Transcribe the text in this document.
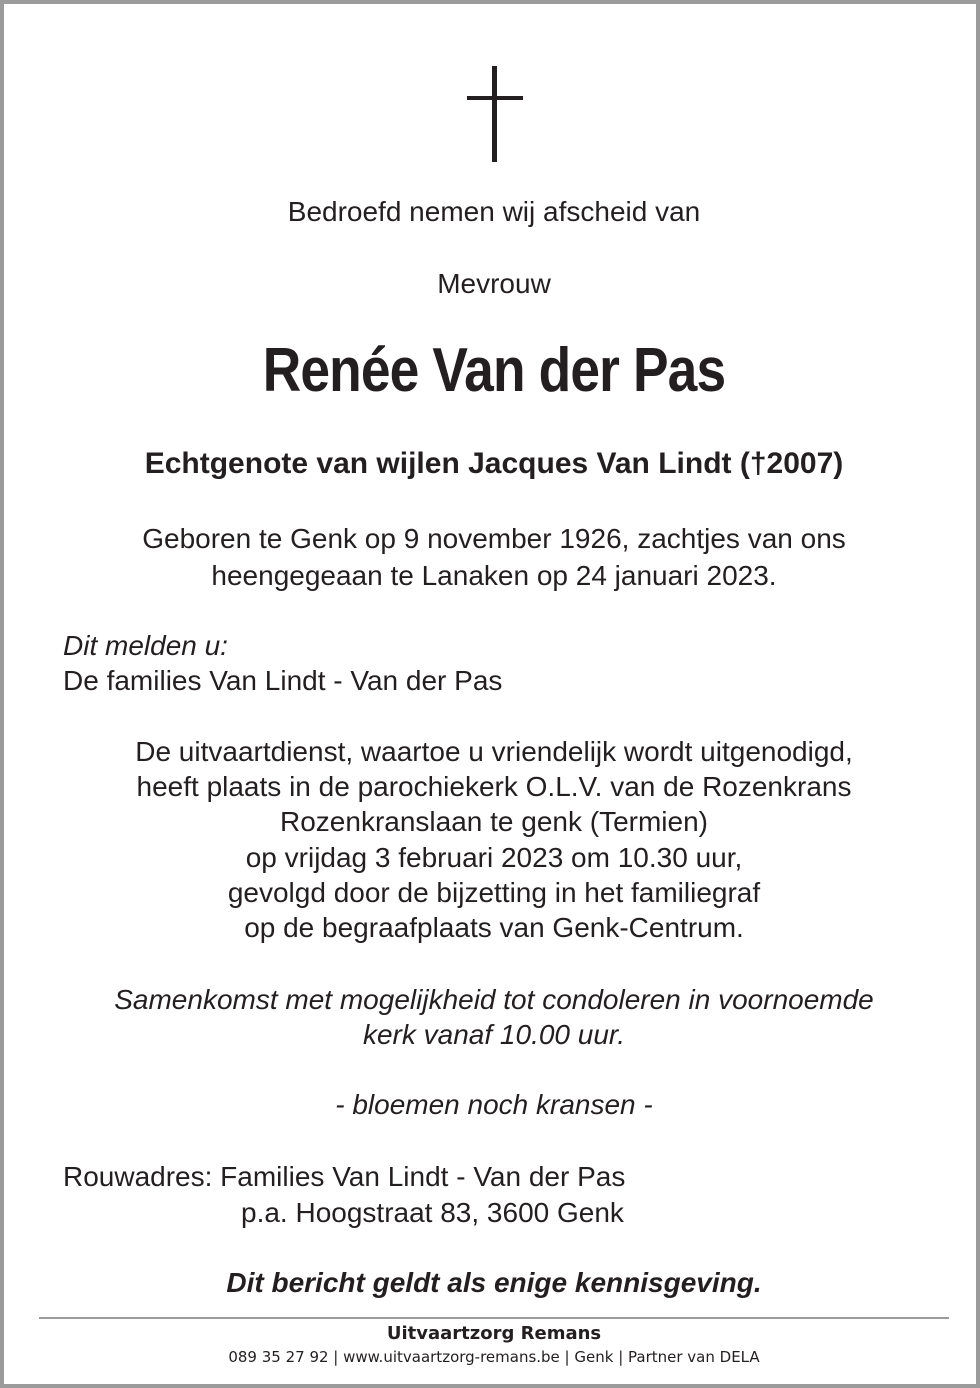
Bedroefd nemen wij afscheid van
Mevrouw
Renée Van der Pas
Echtgenote van wijlen Jacques Van Lindt (†2007)
Geboren te Genk op 9 november 1926, zachtjes van ons
heengegeaan te Lanaken op 24 januari 2023.
Dit melden u:
De families Van Lindt - Van der Pas
De uitvaartdienst, waartoe u vriendelijk wordt uitgenodigd,
heeft plaats in de parochiekerk O.L.V. van de Rozenkrans
Rozenkranslaan te genk (Termien)
op vrijdag 3 februari 2023 om 10.30 uur,
gevolgd door de bijzetting in het familiegraf
op de begraafplaats van Genk-Centrum.
Samenkomst met mogelijkheid tot condoleren in voornoemde
kerk vanaf 10.00 uur.
- bloemen noch kransen -
Rouwadres: Families Van Lindt - Van der Pas
p.a. Hoogstraat 83, 3600 Genk
Dit bericht geldt als enige kennisgeving.
Uitvaartzorg Remans
089 35 27 92 | www.uitvaartzorg-remans.be | Genk | Partner van DELA
